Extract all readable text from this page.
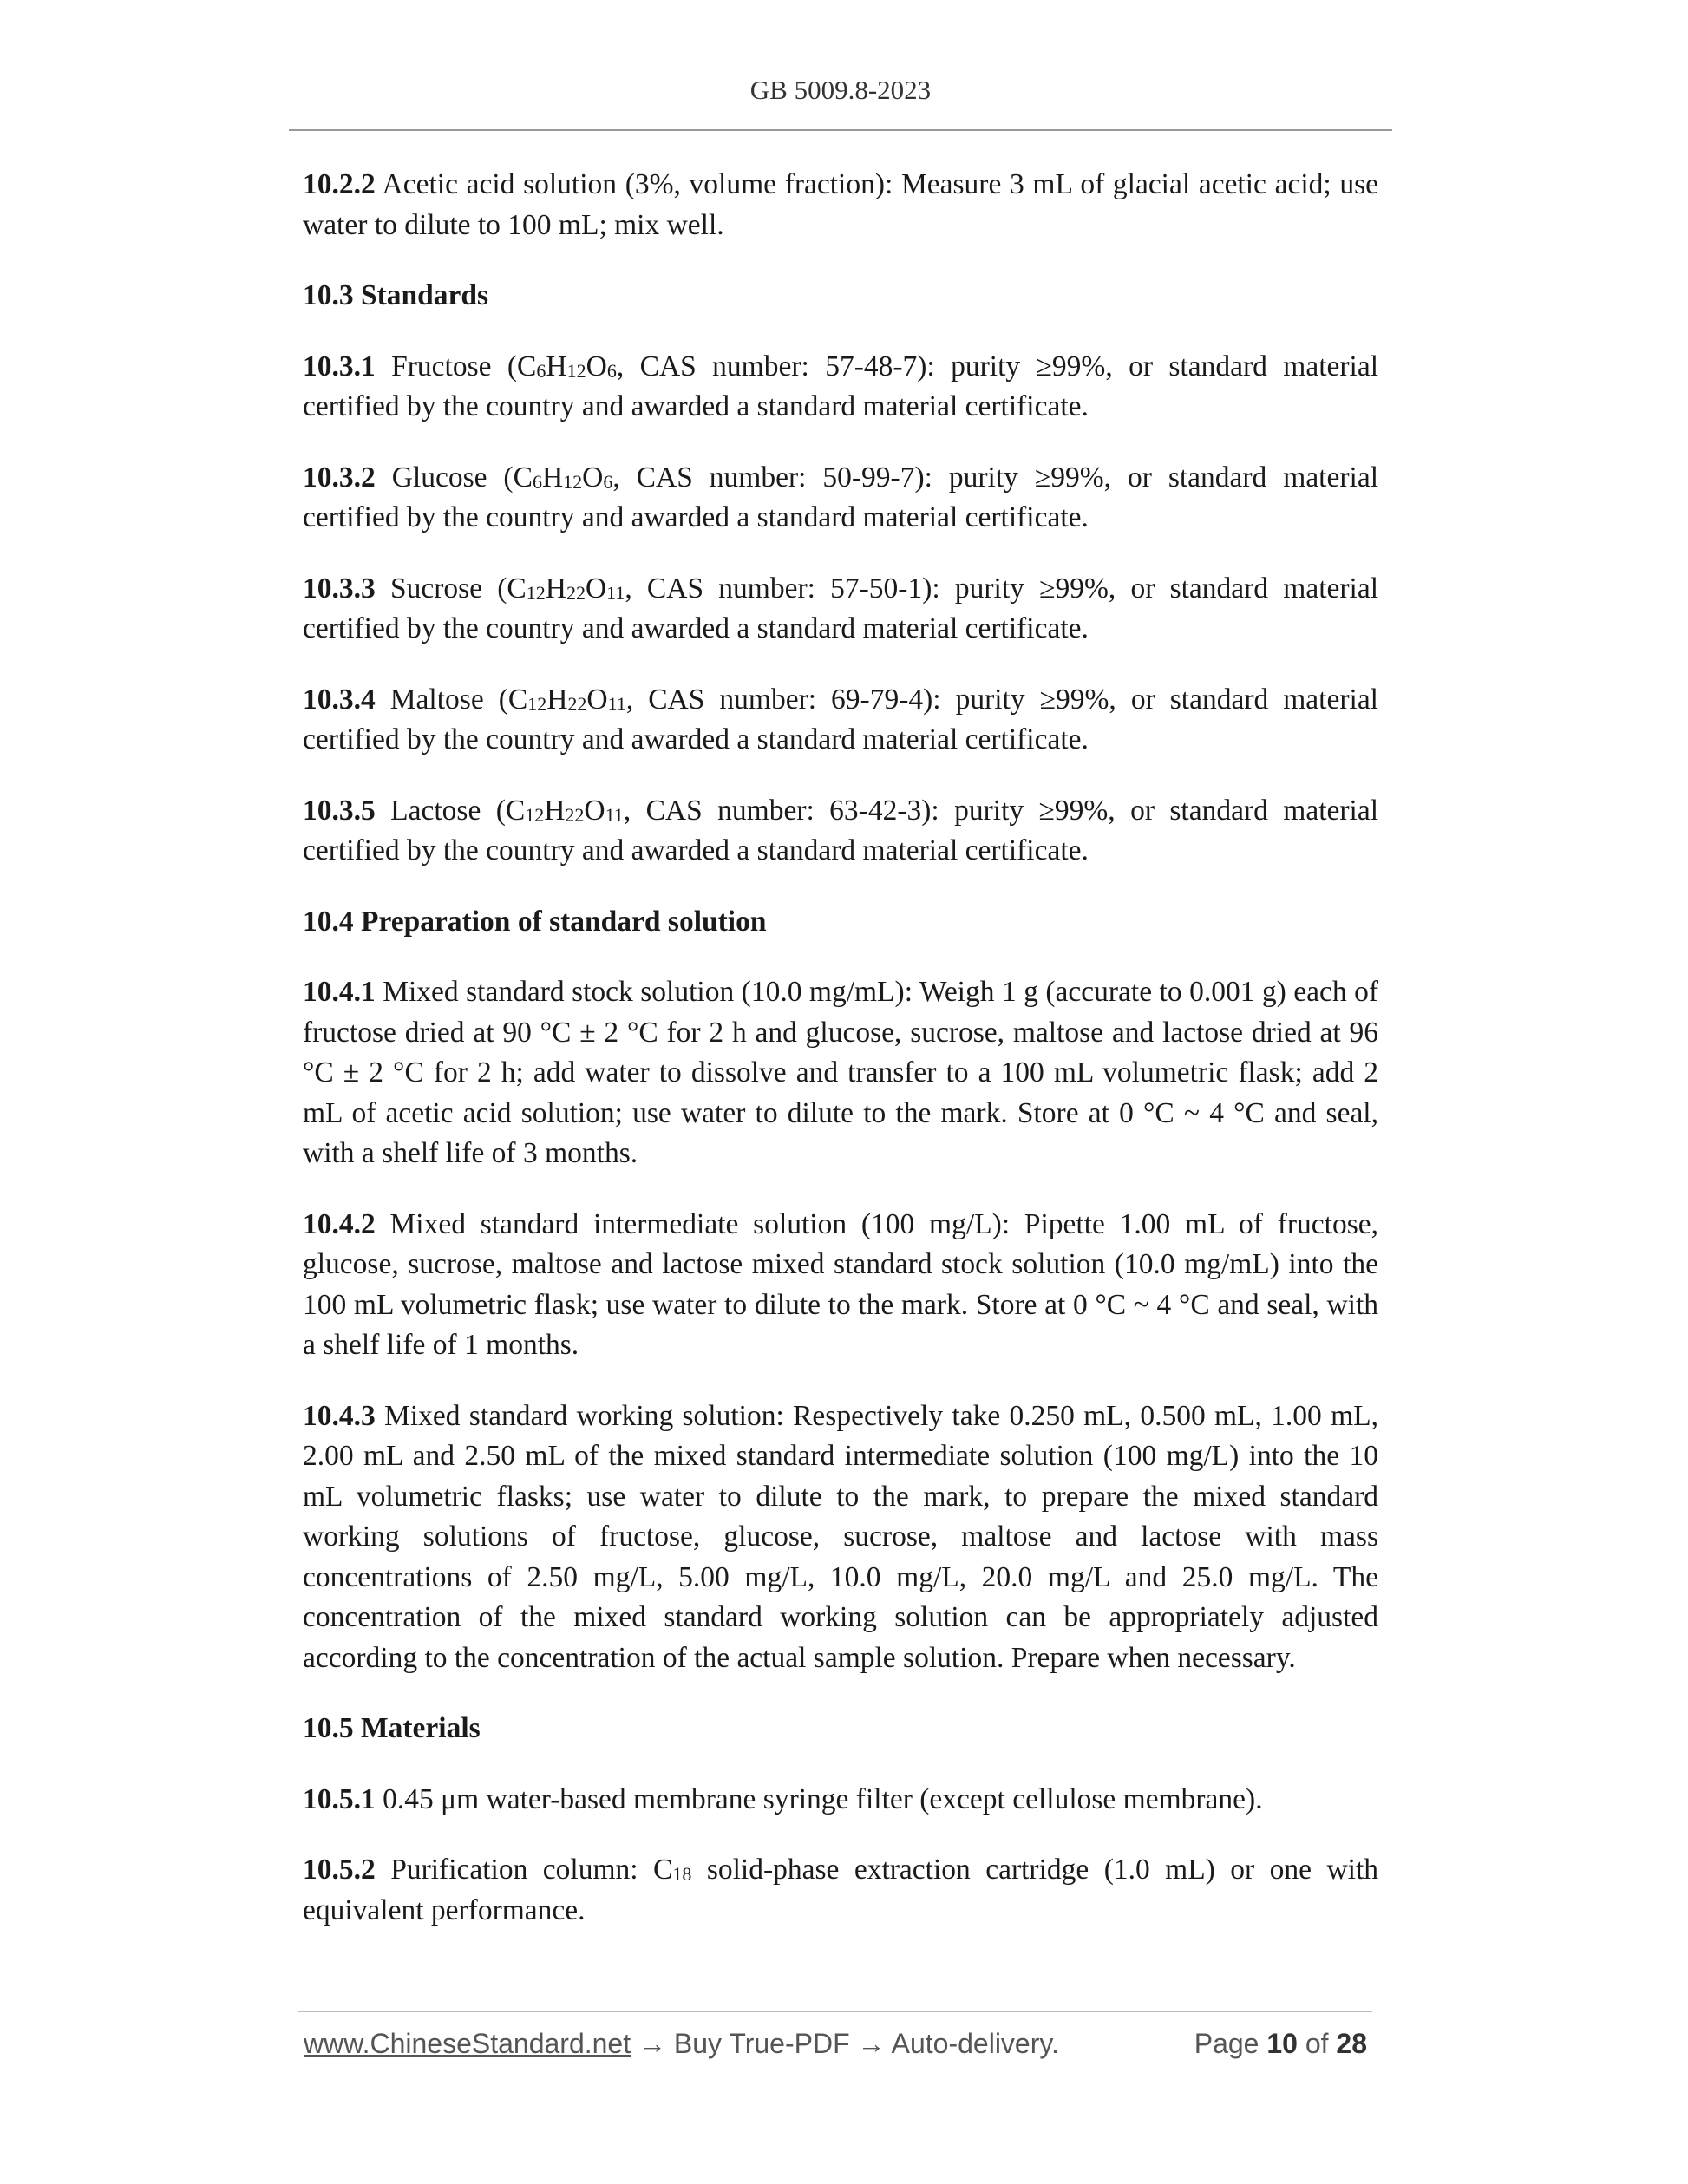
GB 5009.8-2023

10.2.2 Acetic acid solution (3%, volume fraction): Measure 3 mL of glacial acetic acid; use water to dilute to 100 mL; mix well.

10.3 Standards

10.3.1 Fructose (C6H12O6, CAS number: 57-48-7): purity ≥99%, or standard material certified by the country and awarded a standard material certificate.

10.3.2 Glucose (C6H12O6, CAS number: 50-99-7): purity ≥99%, or standard material certified by the country and awarded a standard material certificate.

10.3.3 Sucrose (C12H22O11, CAS number: 57-50-1): purity ≥99%, or standard material certified by the country and awarded a standard material certificate.

10.3.4 Maltose (C12H22O11, CAS number: 69-79-4): purity ≥99%, or standard material certified by the country and awarded a standard material certificate.

10.3.5 Lactose (C12H22O11, CAS number: 63-42-3): purity ≥99%, or standard material certified by the country and awarded a standard material certificate.

10.4 Preparation of standard solution

10.4.1 Mixed standard stock solution (10.0 mg/mL): Weigh 1 g (accurate to 0.001 g) each of fructose dried at 90 °C ± 2 °C for 2 h and glucose, sucrose, maltose and lactose dried at 96 °C ± 2 °C for 2 h; add water to dissolve and transfer to a 100 mL volumetric flask; add 2 mL of acetic acid solution; use water to dilute to the mark. Store at 0 °C ~ 4 °C and seal, with a shelf life of 3 months.

10.4.2 Mixed standard intermediate solution (100 mg/L): Pipette 1.00 mL of fructose, glucose, sucrose, maltose and lactose mixed standard stock solution (10.0 mg/mL) into the 100 mL volumetric flask; use water to dilute to the mark. Store at 0 °C ~ 4 °C and seal, with a shelf life of 1 months.

10.4.3 Mixed standard working solution: Respectively take 0.250 mL, 0.500 mL, 1.00 mL, 2.00 mL and 2.50 mL of the mixed standard intermediate solution (100 mg/L) into the 10 mL volumetric flasks; use water to dilute to the mark, to prepare the mixed standard working solutions of fructose, glucose, sucrose, maltose and lactose with mass concentrations of 2.50 mg/L, 5.00 mg/L, 10.0 mg/L, 20.0 mg/L and 25.0 mg/L. The concentration of the mixed standard working solution can be appropriately adjusted according to the concentration of the actual sample solution. Prepare when necessary.

10.5 Materials

10.5.1 0.45 μm water-based membrane syringe filter (except cellulose membrane).

10.5.2 Purification column: C18 solid-phase extraction cartridge (1.0 mL) or one with equivalent performance.

www.ChineseStandard.net → Buy True-PDF → Auto-delivery.	Page 10 of 28
